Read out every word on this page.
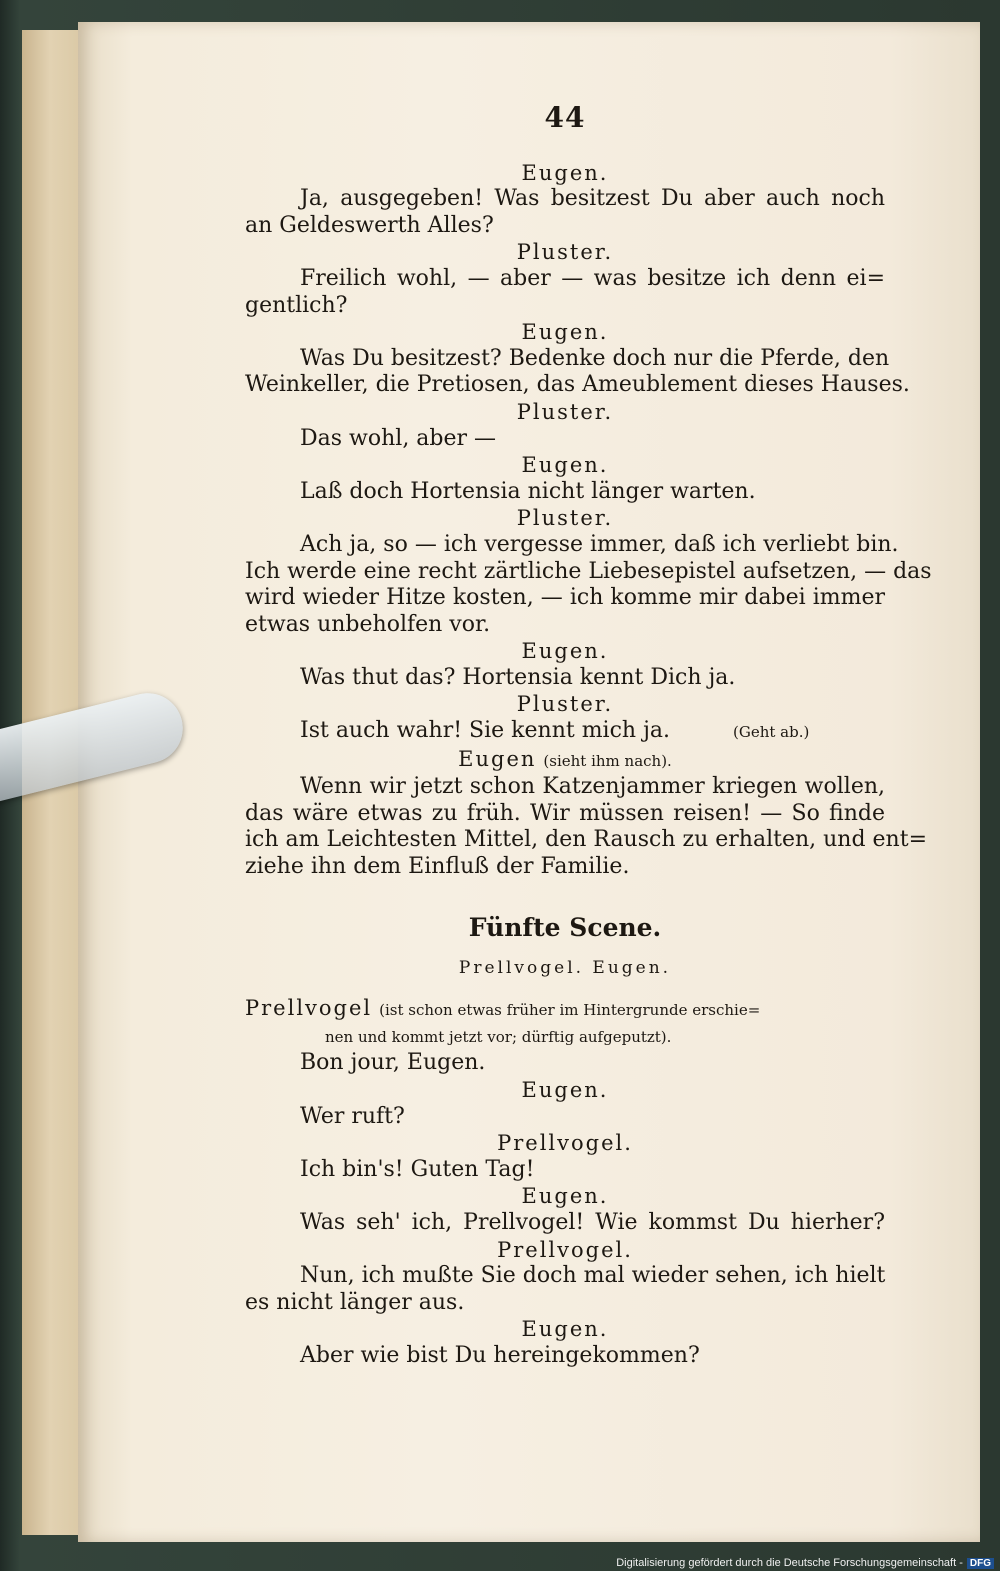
44
Eugen.
Ja, ausgegeben! Was besitzest Du aber auch noch
an Geldeswerth Alles?
Pluster.
Freilich wohl, — aber — was besitze ich denn ei=
gentlich?
Eugen.
Was Du besitzest? Bedenke doch nur die Pferde, den
Weinkeller, die Pretiosen, das Ameublement dieses Hauses.
Pluster.
Das wohl, aber —
Eugen.
Laß doch Hortensia nicht länger warten.
Pluster.
Ach ja, so — ich vergesse immer, daß ich verliebt bin.
Ich werde eine recht zärtliche Liebesepistel aufsetzen, — das
wird wieder Hitze kosten, — ich komme mir dabei immer
etwas unbeholfen vor.
Eugen.
Was thut das? Hortensia kennt Dich ja.
Pluster.
Ist auch wahr! Sie kennt mich ja.	(Geht ab.)
Eugen (sieht ihm nach).
Wenn wir jetzt schon Katzenjammer kriegen wollen,
das wäre etwas zu früh. Wir müssen reisen! — So finde
ich am Leichtesten Mittel, den Rausch zu erhalten, und ent=
ziehe ihn dem Einfluß der Familie.
Fünfte Scene.
Prellvogel. Eugen.
Prellvogel (ist schon etwas früher im Hintergrunde erschie=
nen und kommt jetzt vor; dürftig aufgeputzt).
Bon jour, Eugen.
Eugen.
Wer ruft?
Prellvogel.
Ich bin's! Guten Tag!
Eugen.
Was seh' ich, Prellvogel! Wie kommst Du hierher?
Prellvogel.
Nun, ich mußte Sie doch mal wieder sehen, ich hielt
es nicht länger aus.
Eugen.
Aber wie bist Du hereingekommen?
Digitalisierung gefördert durch die Deutsche Forschungsgemeinschaft - DFG
